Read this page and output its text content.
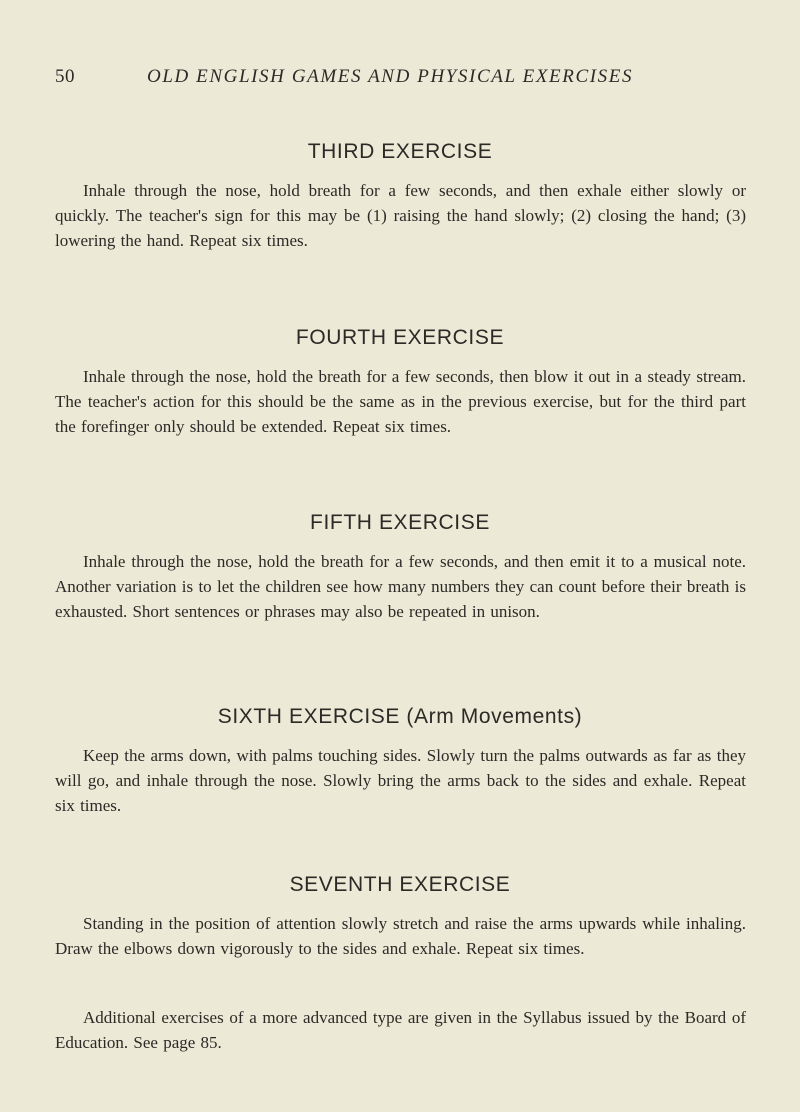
50	OLD ENGLISH GAMES AND PHYSICAL EXERCISES
THIRD EXERCISE

Inhale through the nose, hold breath for a few seconds, and then exhale either slowly or quickly. The teacher's sign for this may be (1) raising the hand slowly; (2) closing the hand; (3) lowering the hand. Repeat six times.

FOURTH EXERCISE

Inhale through the nose, hold the breath for a few seconds, then blow it out in a steady stream. The teacher's action for this should be the same as in the previous exercise, but for the third part the forefinger only should be extended. Repeat six times.

FIFTH EXERCISE

Inhale through the nose, hold the breath for a few seconds, and then emit it to a musical note. Another variation is to let the children see how many numbers they can count before their breath is exhausted. Short sentences or phrases may also be repeated in unison.

SIXTH EXERCISE (Arm Movements)

Keep the arms down, with palms touching sides. Slowly turn the palms outwards as far as they will go, and inhale through the nose. Slowly bring the arms back to the sides and exhale. Repeat six times.

SEVENTH EXERCISE

Standing in the position of attention slowly stretch and raise the arms upwards while inhaling. Draw the elbows down vigorously to the sides and exhale. Repeat six times.

Additional exercises of a more advanced type are given in the Syllabus issued by the Board of Education. See page 85.
